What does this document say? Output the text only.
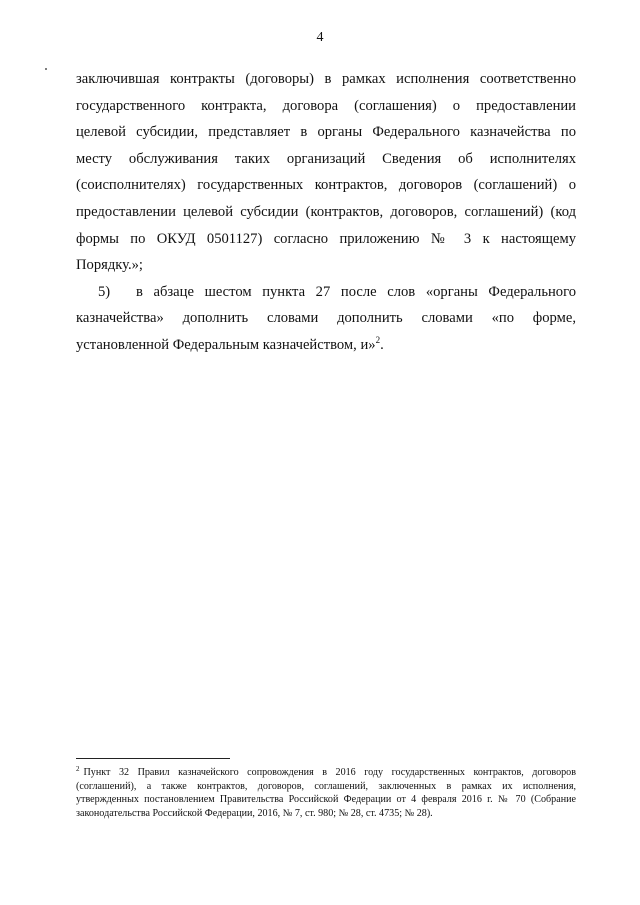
4
заключившая контракты (договоры) в рамках исполнения соответственно
государственного контракта, договора (соглашения) о предоставлении
целевой субсидии, представляет в органы Федерального казначейства по
месту обслуживания таких организаций Сведения об исполнителях
(соисполнителях) государственных контрактов, договоров (соглашений) о
предоставлении целевой субсидии (контрактов, договоров, соглашений) (код
формы по ОКУД 0501127) согласно приложению № 3 к настоящему
Порядку.»;
5) в абзаце шестом пункта 27 после слов «органы Федерального
казначейства» дополнить словами дополнить словами «по форме,
установленной Федеральным казначейством, и»$^2$.
$^2$ Пункт 32 Правил казначейского сопровождения в 2016 году государственных контрактов, договоров
(соглашений), а также контрактов, договоров, соглашений, заключенных в рамках их исполнения,
утвержденных постановлением Правительства Российской Федерации от 4 февраля 2016 г. № 70 (Собрание
законодательства Российской Федерации, 2016, № 7, ст. 980; № 28, ст. 4735; № 28).
